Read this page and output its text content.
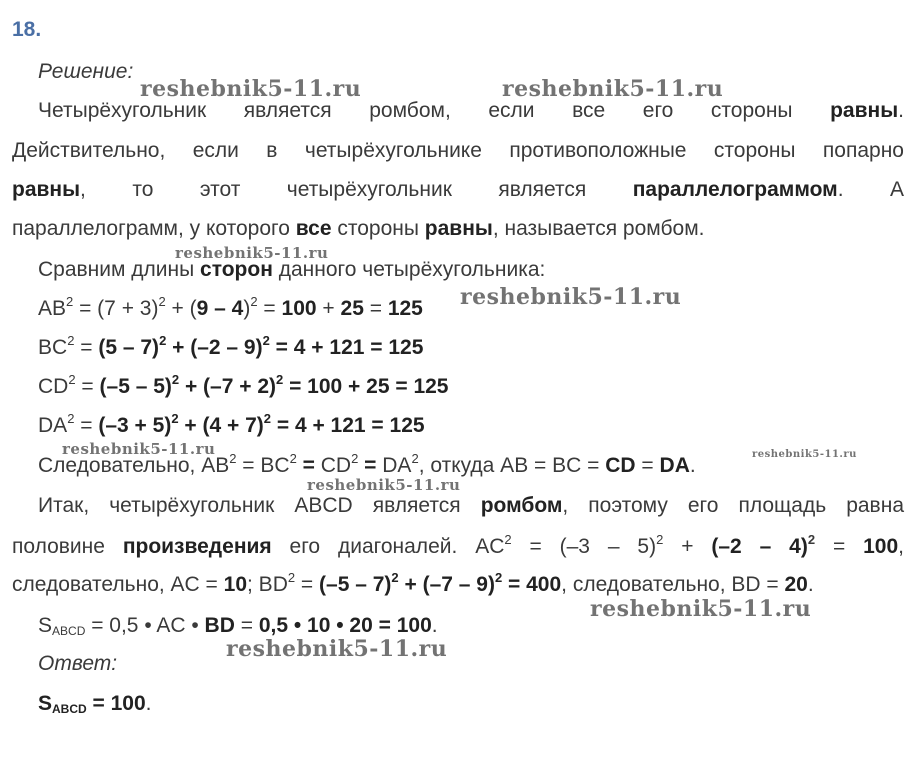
18.
Решение:
Четырёхугольник является ромбом, если все его стороны равны.
Действительно, если в четырёхугольнике противоположные стороны попарно
равны, то этот четырёхугольник является параллелограммом. А
параллелограмм, у которого все стороны равны, называется ромбом.
Сравним длины сторон данного четырёхугольника:
$AB^2 = (7 + 3)^2 + (9 - 4)^2 = 100 + 25 = 125$
$BC^2 = (5 - 7)^2 + (-2 - 9)^2 = 4 + 121 = 125$
$CD^2 = (-5 - 5)^2 + (-7 + 2)^2 = 100 + 25 = 125$
$DA^2 = (-3 + 5)^2 + (4 + 7)^2 = 4 + 121 = 125$
Следовательно, $AB^2 = BC^2 = CD^2 = DA^2$, откуда AB = BC = CD = DA.
Итак, четырёхугольник ABCD является ромбом, поэтому его площадь равна
половине произведения его диагоналей. $AC^2 = (-3 - 5)^2 + (-2 - 4)^2 = 100$,
следовательно, AC = 10; $BD^2 = (-5 - 7)^2 + (-7 - 9)^2 = 400$, следовательно, BD = 20.
$S_{ABCD} = 0,5$ • AC • BD = 0,5 • 10 • 20 = 100.
Ответ:
$S_{ABCD} = 100$.
reshebnik5-11.ru	reshebnik5-11.ru
reshebnik5-11.ru
reshebnik5-11.ru
reshebnik5-11.ru	reshebnik5-11.ru
reshebnik5-11.ru
reshebnik5-11.ru
reshebnik5-11.ru
